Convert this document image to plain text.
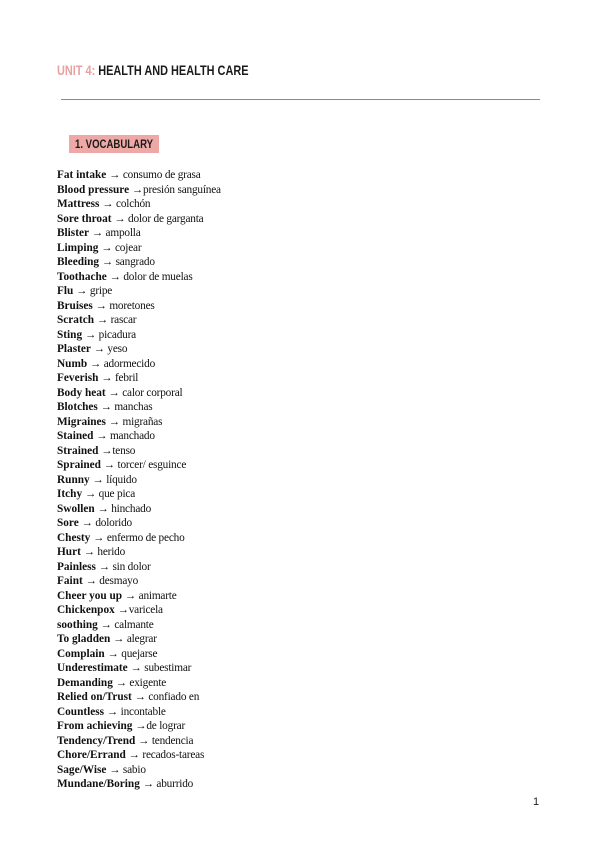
UNIT 4: HEALTH AND HEALTH CARE
1. VOCABULARY
Fat intake → consumo de grasa
Blood pressure →presión sanguínea
Mattress → colchón
Sore throat → dolor de garganta
Blister → ampolla
Limping → cojear
Bleeding → sangrado
Toothache → dolor de muelas
Flu → gripe
Bruises → moretones
Scratch → rascar
Sting → picadura
Plaster → yeso
Numb → adormecido
Feverish → febril
Body heat → calor corporal
Blotches → manchas
Migraines → migrañas
Stained → manchado
Strained →tenso
Sprained → torcer/ esguince
Runny → líquido
Itchy → que pica
Swollen → hinchado
Sore → dolorido
Chesty → enfermo de pecho
Hurt → herido
Painless → sin dolor
Faint → desmayo
Cheer you up → animarte
Chickenpox →varicela
soothing → calmante
To gladden → alegrar
Complain → quejarse
Underestimate → subestimar
Demanding → exigente
Relied on/Trust → confiado en
Countless → incontable
From achieving →de lograr
Tendency/Trend → tendencia
Chore/Errand → recados-tareas
Sage/Wise → sabio
Mundane/Boring → aburrido
1
